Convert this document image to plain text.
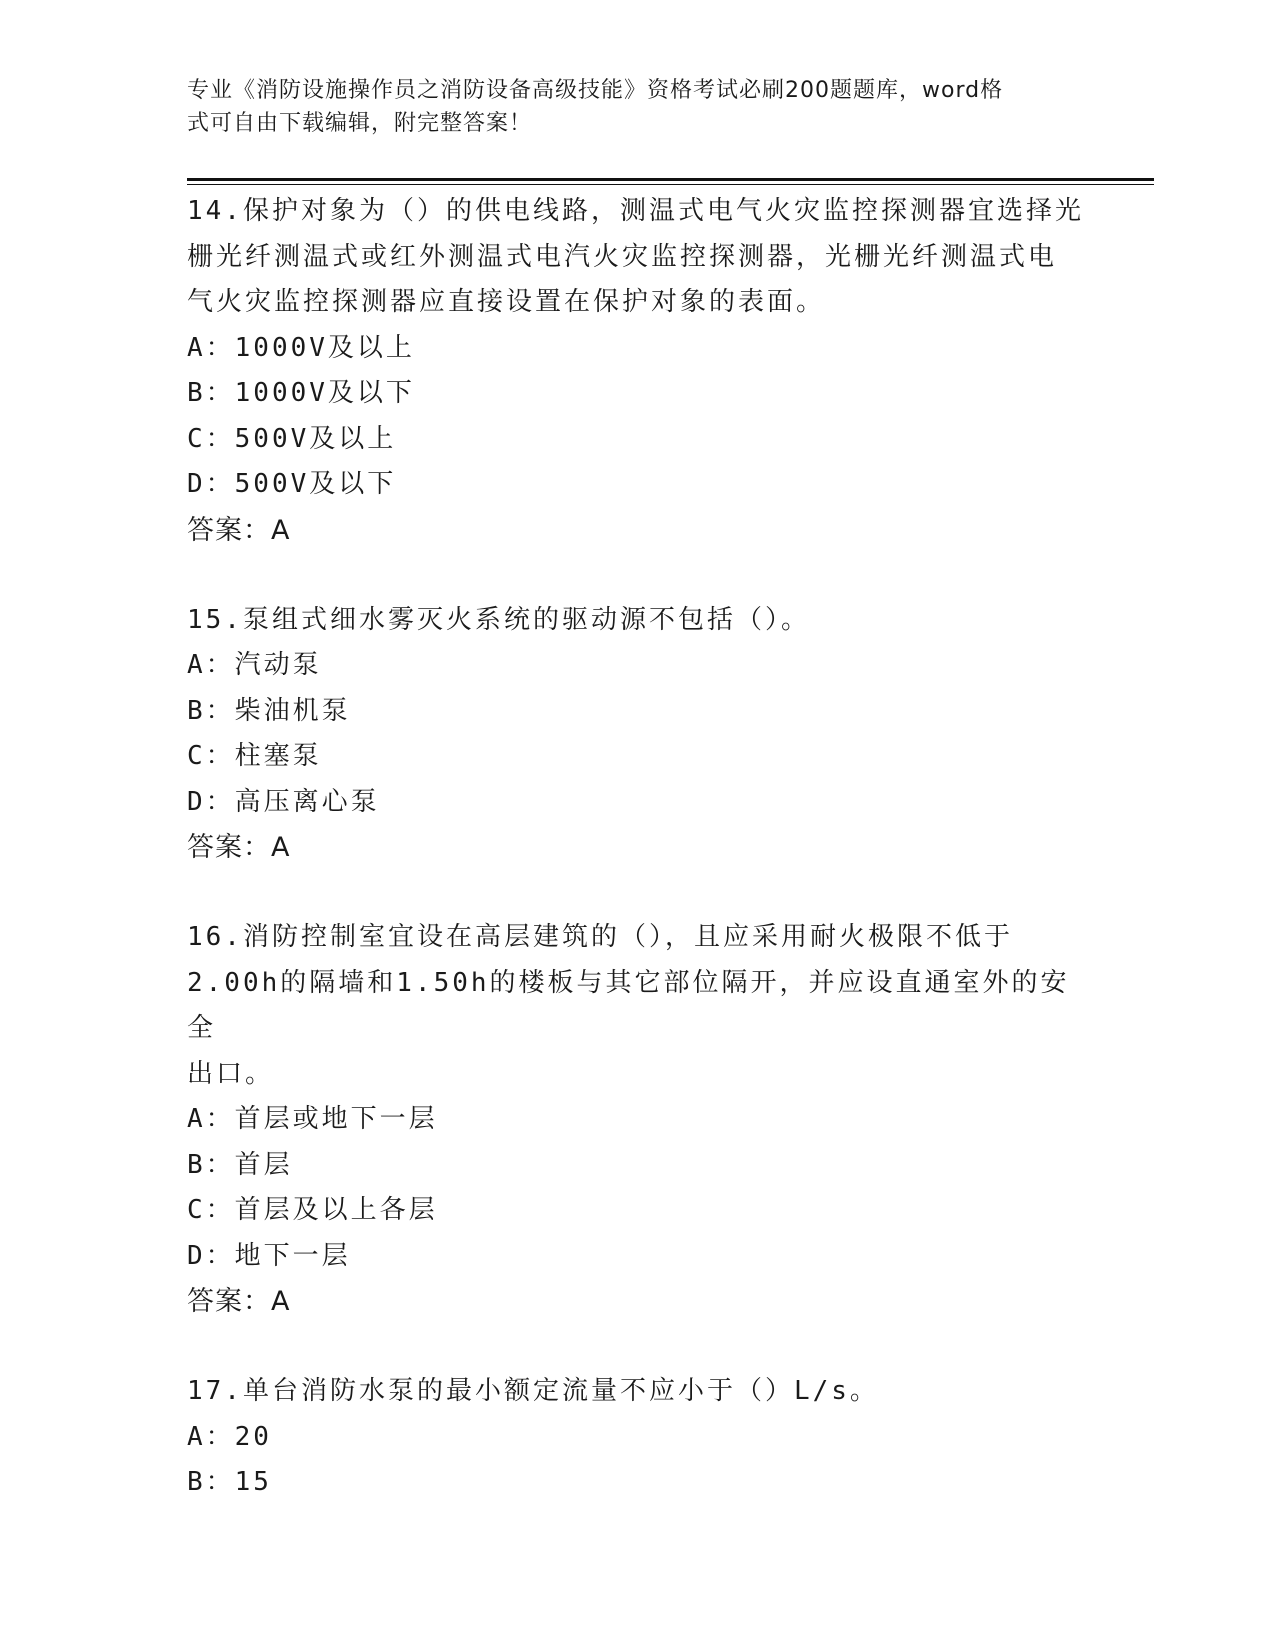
专业《消防设施操作员之消防设备高级技能》资格考试必刷200题题库，word格
式可自由下载编辑，附完整答案！
14.保护对象为（）的供电线路，测温式电气火灾监控探测器宜选择光
栅光纤测温式或红外测温式电汽火灾监控探测器，光栅光纤测温式电
气火灾监控探测器应直接设置在保护对象的表面。
A：1000V及以上
B：1000V及以下
C：500V及以上
D：500V及以下
答案：A
15.泵组式细水雾灭火系统的驱动源不包括（）。
A：汽动泵
B：柴油机泵
C：柱塞泵
D：高压离心泵
答案：A
16.消防控制室宜设在高层建筑的（），且应采用耐火极限不低于
2.00h的隔墙和1.50h的楼板与其它部位隔开，并应设直通室外的安全
出口。
A：首层或地下一层
B：首层
C：首层及以上各层
D：地下一层
答案：A
17.单台消防水泵的最小额定流量不应小于（）L/s。
A：20
B：15
